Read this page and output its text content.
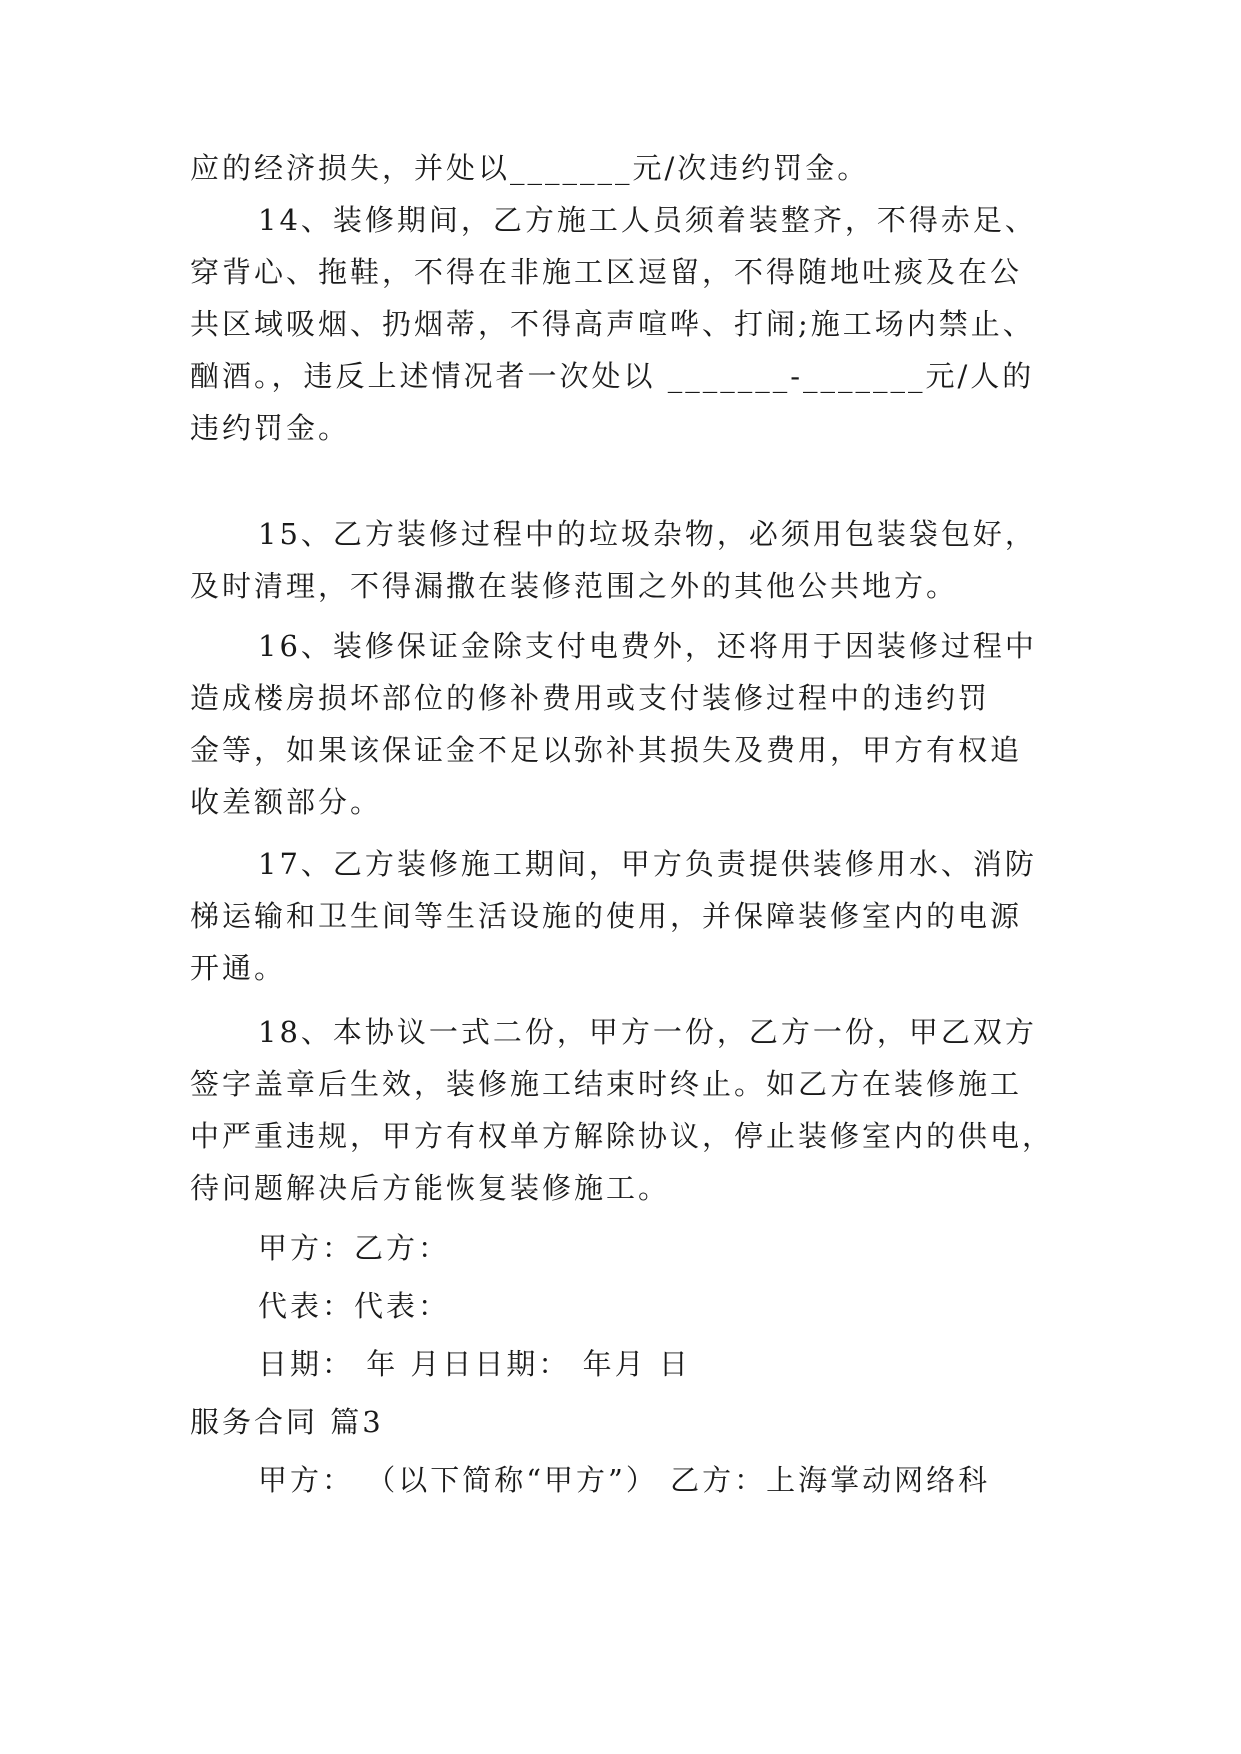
应的经济损失，并处以_______元/次违约罚金。
14、装修期间，乙方施工人员须着装整齐，不得赤足、
穿背心、拖鞋，不得在非施工区逗留，不得随地吐痰及在公
共区域吸烟、扔烟蒂，不得高声喧哗、打闹;施工场内禁止、
酗酒。，违反上述情况者一次处以 _______-_______元/人的
违约罚金。
15、乙方装修过程中的垃圾杂物，必须用包装袋包好，
及时清理，不得漏撒在装修范围之外的其他公共地方。
16、装修保证金除支付电费外，还将用于因装修过程中
造成楼房损坏部位的修补费用或支付装修过程中的违约罚
金等，如果该保证金不足以弥补其损失及费用，甲方有权追
收差额部分。
17、乙方装修施工期间，甲方负责提供装修用水、消防
梯运输和卫生间等生活设施的使用，并保障装修室内的电源
开通。
18、本协议一式二份，甲方一份，乙方一份，甲乙双方
签字盖章后生效，装修施工结束时终止。如乙方在装修施工
中严重违规，甲方有权单方解除协议，停止装修室内的供电，
待问题解决后方能恢复装修施工。
甲方：乙方：
代表：代表：
日期： 年 月日日期： 年月 日
服务合同 篇3
甲方： （以下简称“甲方”） 乙方：上海掌动网络科
